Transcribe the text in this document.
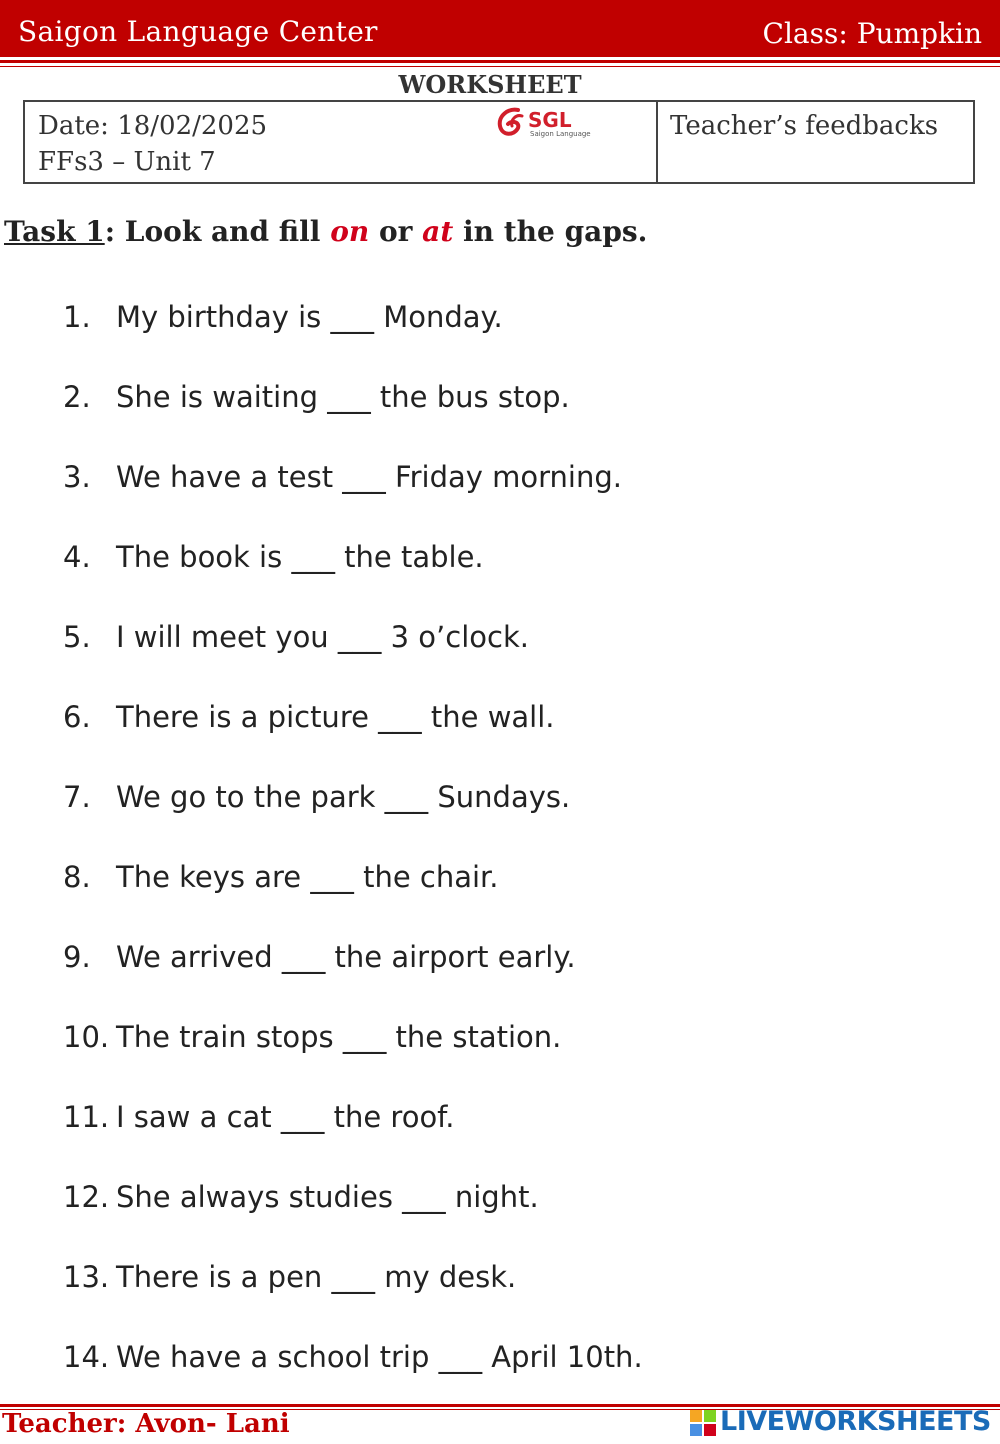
Saigon Language Center	Class: Pumpkin
WORKSHEET
Date: 18/02/2025
FFs3 – Unit 7
Teacher’s feedbacks
SGL
Saigon Language
Task 1: Look and fill on or at in the gaps.
1. My birthday is ___ Monday.
2. She is waiting ___ the bus stop.
3. We have a test ___ Friday morning.
4. The book is ___ the table.
5. I will meet you ___ 3 o’clock.
6. There is a picture ___ the wall.
7. We go to the park ___ Sundays.
8. The keys are ___ the chair.
9. We arrived ___ the airport early.
10. The train stops ___ the station.
11. I saw a cat ___ the roof.
12. She always studies ___ night.
13. There is a pen ___ my desk.
14. We have a school trip ___ April 10th.
Teacher: Avon- Lani	LIVEWORKSHEETS
